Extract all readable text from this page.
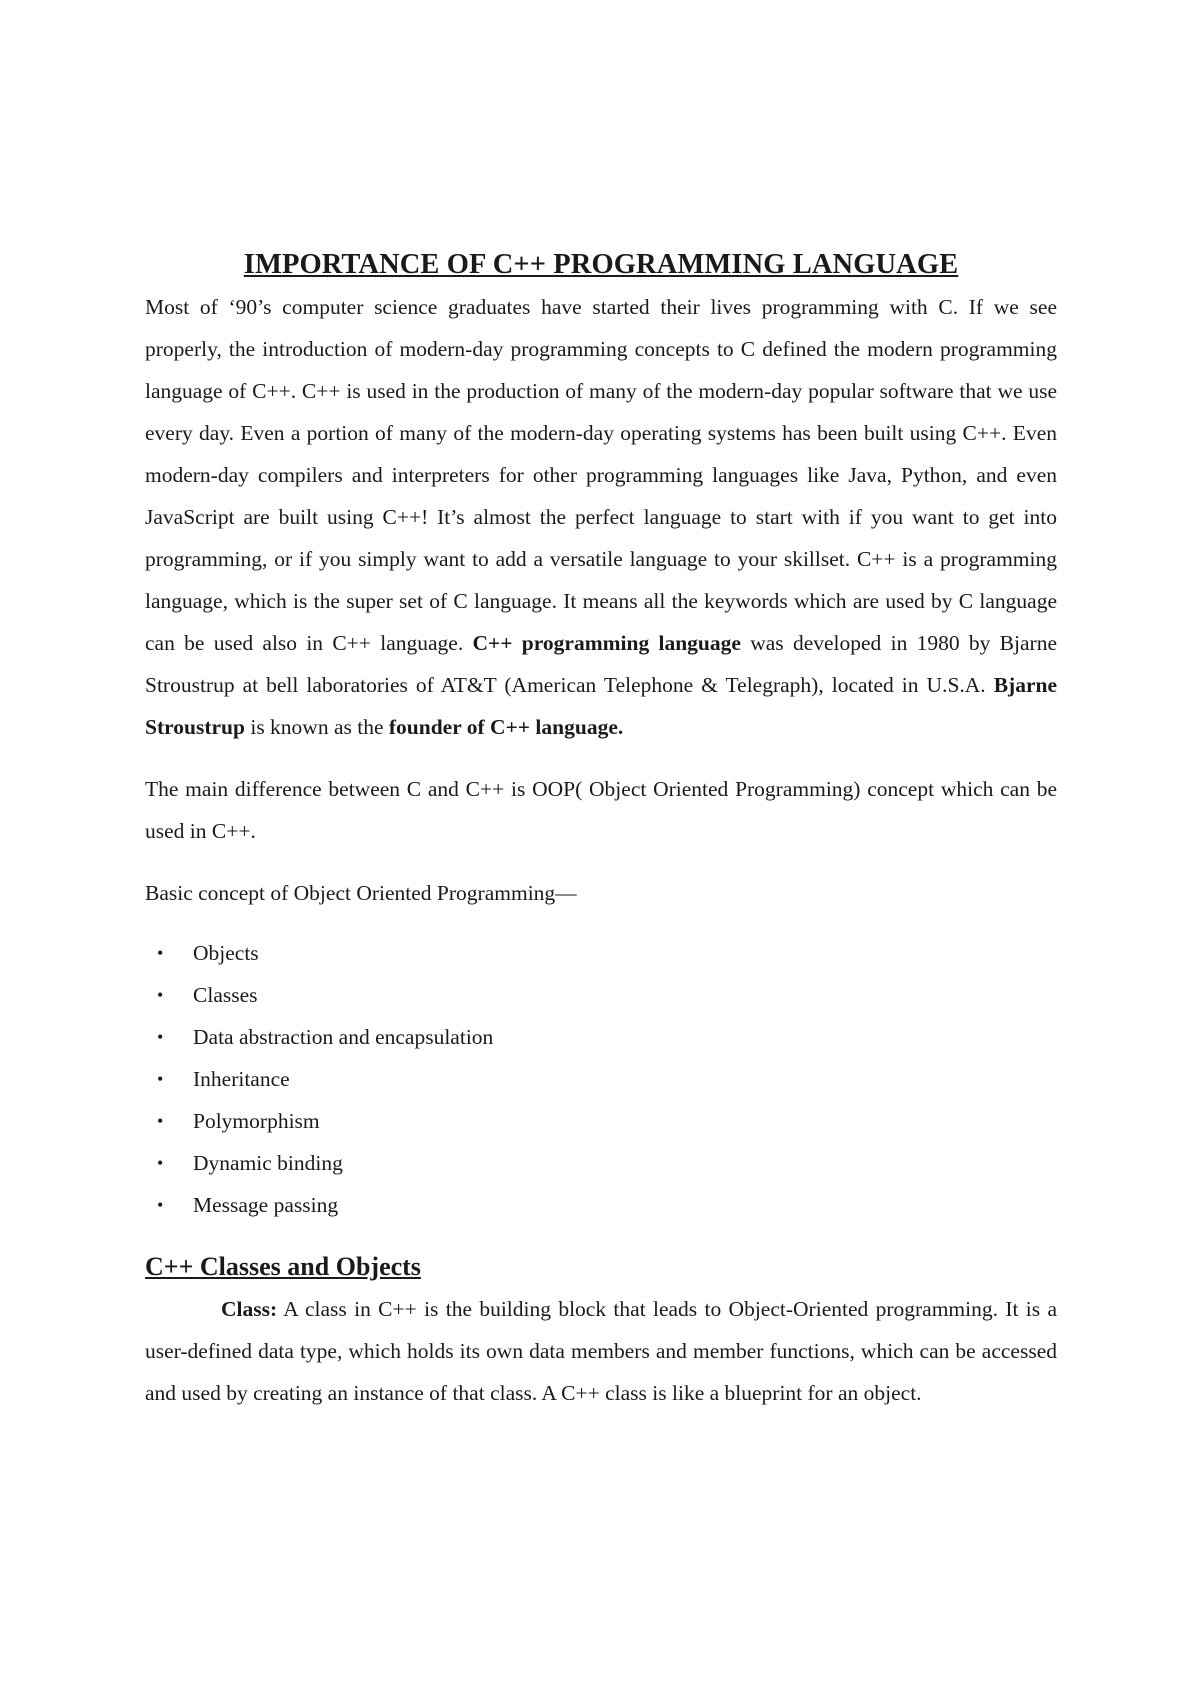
IMPORTANCE OF C++ PROGRAMMING LANGUAGE

Most of ‘90’s computer science graduates have started their lives programming with C. If we see properly, the introduction of modern-day programming concepts to C defined the modern programming language of C++. C++ is used in the production of many of the modern-day popular software that we use every day. Even a portion of many of the modern-day operating systems has been built using C++. Even modern-day compilers and interpreters for other programming languages like Java, Python, and even JavaScript are built using C++! It’s almost the perfect language to start with if you want to get into programming, or if you simply want to add a versatile language to your skillset. C++ is a programming language, which is the super set of C language. It means all the keywords which are used by C language can be used also in C++ language. C++ programming language was developed in 1980 by Bjarne Stroustrup at bell laboratories of AT&T (American Telephone & Telegraph), located in U.S.A. Bjarne Stroustrup is known as the founder of C++ language.

The main difference between C and C++ is OOP( Object Oriented Programming) concept which can be used in C++.

Basic concept of Object Oriented Programming—

• Objects
• Classes
• Data abstraction and encapsulation
• Inheritance
• Polymorphism
• Dynamic binding
• Message passing
C++ Classes and Objects

Class: A class in C++ is the building block that leads to Object-Oriented programming. It is a user-defined data type, which holds its own data members and member functions, which can be accessed and used by creating an instance of that class. A C++ class is like a blueprint for an object.
